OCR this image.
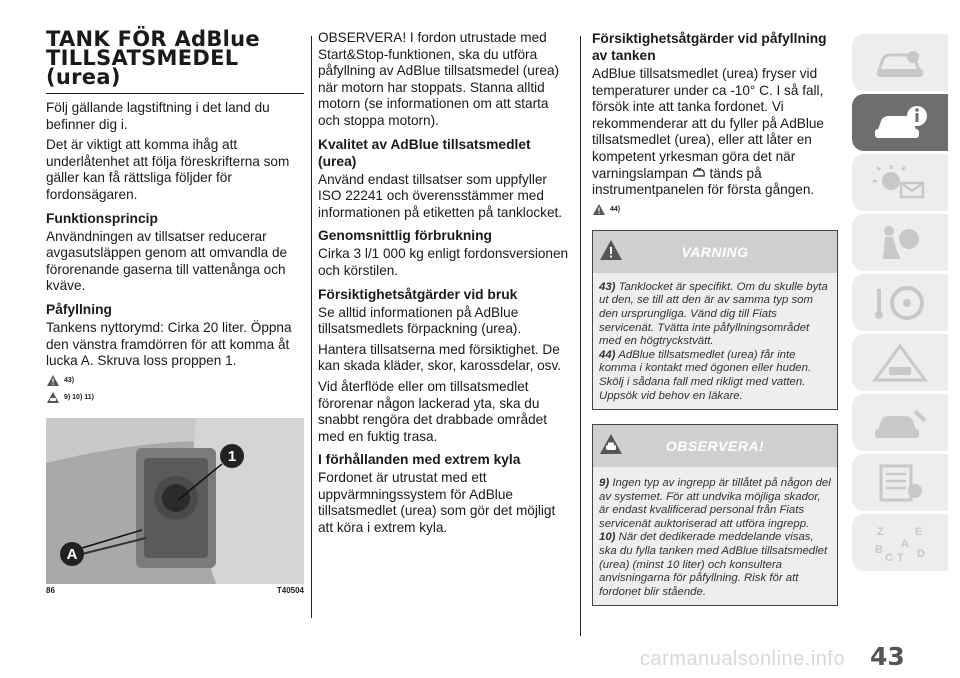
TANK FÖR AdBlue
TILLSATSMEDEL
(urea)

Följ gällande lagstiftning i det land du befinner dig i.

Det är viktigt att komma ihåg att underlåtenhet att följa föreskrifterna som gäller kan få rättsliga följder för fordonsägaren.

Funktionsprincip

Användningen av tillsatser reducerar avgasutsläppen genom att omvandla de förorenande gaserna till vattenånga och kväve.

Påfyllning

Tankens nyttorymd: Cirka 20 liter. Öppna den vänstra framdörren för att komma åt lucka A. Skruva loss proppen 1.

43)
9) 10) 11)
1
A
86	T40504

OBSERVERA! I fordon utrustade med Start&Stop-funktionen, ska du utföra påfyllning av AdBlue tillsatsmedel (urea) när motorn har stoppats. Stanna alltid motorn (se informationen om att starta och stoppa motorn).

Kvalitet av AdBlue tillsatsmedlet (urea)

Använd endast tillsatser som uppfyller ISO 22241 och överensstämmer med informationen på etiketten på tanklocket.

Genomsnittlig förbrukning

Cirka 3 l/1 000 kg enligt fordonsversionen och körstilen.

Försiktighetsåtgärder vid bruk

Se alltid informationen på AdBlue tillsatsmedlets förpackning (urea).

Hantera tillsatserna med försiktighet. De kan skada kläder, skor, karossdelar, osv.

Vid återflöde eller om tillsatsmedlet förorenar någon lackerad yta, ska du snabbt rengöra det drabbade området med en fuktig trasa.

I förhållanden med extrem kyla

Fordonet är utrustat med ett uppvärmningssystem för AdBlue tillsatsmedlet (urea) som gör det möjligt att köra i extrem kyla.

Försiktighetsåtgärder vid påfyllning av tanken

AdBlue tillsatsmedlet (urea) fryser vid temperaturer under ca -10° C. I så fall, försök inte att tanka fordonet. Vi rekommenderar att du fyller på AdBlue tillsatsmedlet (urea), eller att låter en kompetent yrkesman göra det när varningslampan tänds på instrumentpanelen för första gången.

44)
VARNING

43) Tanklocket är specifikt. Om du skulle byta ut den, se till att den är av samma typ som den ursprungliga. Vänd dig till Fiats servicenät. Tvätta inte påfyllningsområdet med en högtryckstvätt.

44) AdBlue tillsatsmedlet (urea) får inte komma i kontakt med ögonen eller huden. Skölj i sådana fall med rikligt med vatten. Uppsök vid behov en läkare.

OBSERVERA!

9) Ingen typ av ingrepp är tillåtet på någon del av systemet. För att undvika möjliga skador, är endast kvalificerad personal från Fiats servicenät auktoriserad att utföra ingrepp.

10) När det dedikerade meddelande visas, ska du fylla tanken med AdBlue tillsatsmedlet (urea) (minst 10 liter) och konsultera anvisningarna för påfyllning. Risk för att fordonet blir stående.

Z	E
B A
C T D
carmanualsonline.info 43
